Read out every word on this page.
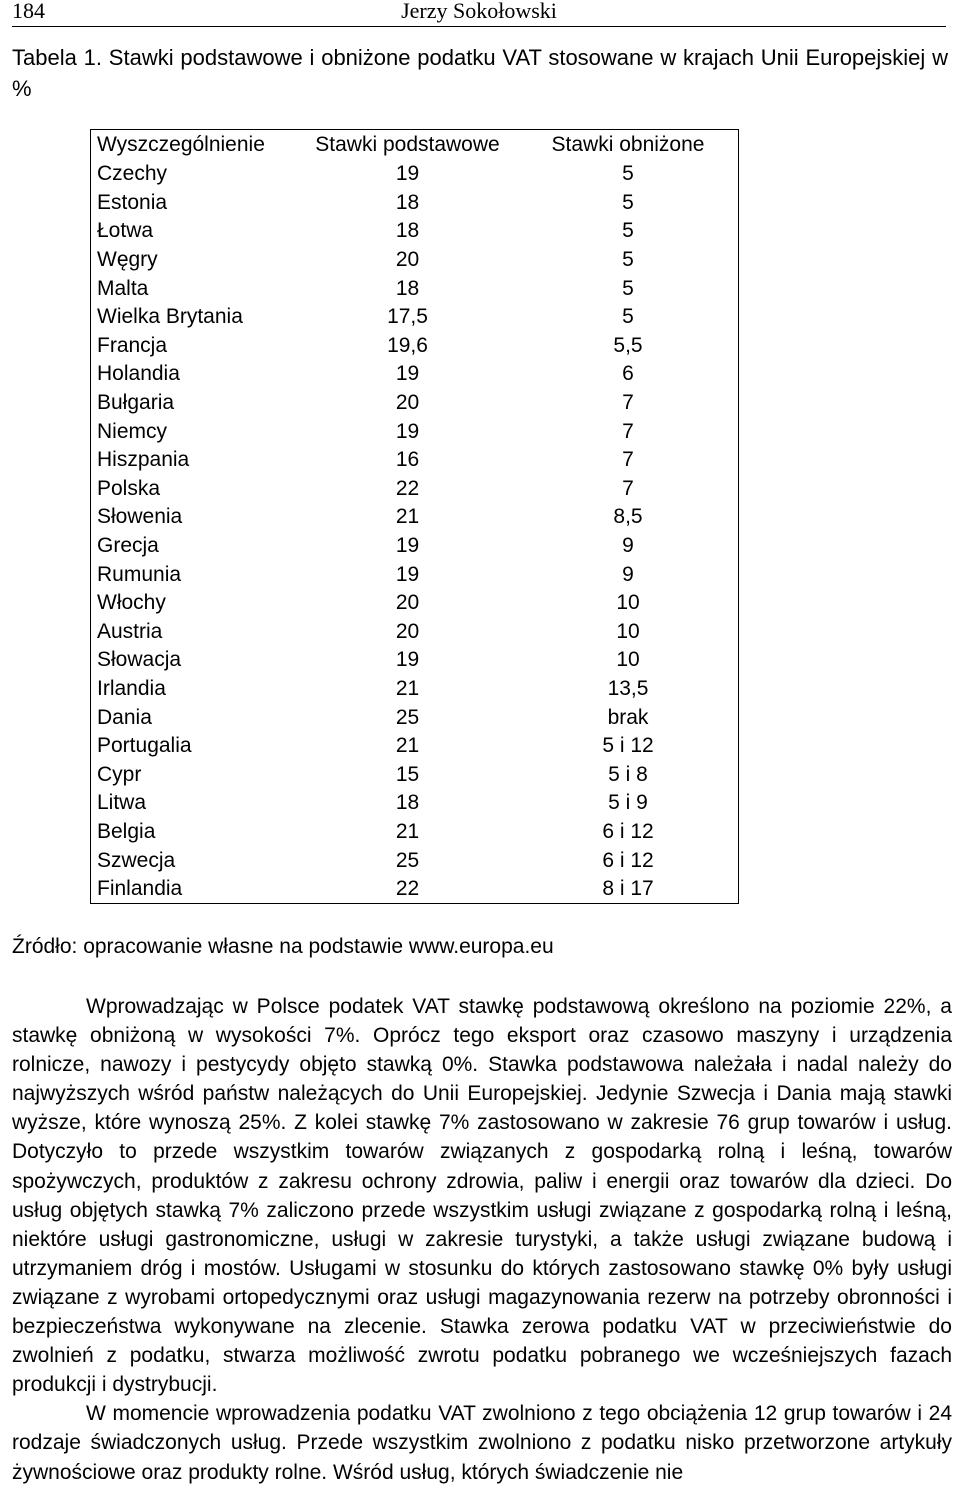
184	Jerzy Sokołowski
Tabela 1. Stawki podstawowe i obniżone podatku VAT stosowane w krajach Unii Europejskiej w %
Wyszczególnienie	Stawki podstawowe	Stawki obniżone
Czechy	19	5
Estonia	18	5
Łotwa	18	5
Węgry	20	5
Malta	18	5
Wielka Brytania	17,5	5
Francja	19,6	5,5
Holandia	19	6
Bułgaria	20	7
Niemcy	19	7
Hiszpania	16	7
Polska	22	7
Słowenia	21	8,5
Grecja	19	9
Rumunia	19	9
Włochy	20	10
Austria	20	10
Słowacja	19	10
Irlandia	21	13,5
Dania	25	brak
Portugalia	21	5 i 12
Cypr	15	5 i 8
Litwa	18	5 i 9
Belgia	21	6 i 12
Szwecja	25	6 i 12
Finlandia	22	8 i 17
Źródło: opracowanie własne na podstawie www.europa.eu

Wprowadzając w Polsce podatek VAT stawkę podstawową określono na poziomie 22%, a stawkę obniżoną w wysokości 7%. Oprócz tego eksport oraz czasowo maszyny i urządzenia rolnicze, nawozy i pestycydy objęto stawką 0%. Stawka podstawowa należała i nadal należy do najwyższych wśród państw należących do Unii Europejskiej. Jedynie Szwecja i Dania mają stawki wyższe, które wynoszą 25%. Z kolei stawkę 7% zastosowano w zakresie 76 grup towarów i usług. Dotyczyło to przede wszystkim towarów związanych z gospodarką rolną i leśną, towarów spożywczych, produktów z zakresu ochrony zdrowia, paliw i energii oraz towarów dla dzieci. Do usług objętych stawką 7% zaliczono przede wszystkim usługi związane z gospodarką rolną i leśną, niektóre usługi gastronomiczne, usługi w zakresie turystyki, a także usługi związane budową i utrzymaniem dróg i mostów. Usługami w stosunku do których zastosowano stawkę 0% były usługi związane z wyrobami ortopedycznymi oraz usługi magazynowania rezerw na potrzeby obronności i bezpieczeństwa wykonywane na zlecenie. Stawka zerowa podatku VAT w przeciwieństwie do zwolnień z podatku, stwarza możliwość zwrotu podatku pobranego we wcześniejszych fazach produkcji i dystrybucji.

W momencie wprowadzenia podatku VAT zwolniono z tego obciążenia 12 grup towarów i 24 rodzaje świadczonych usług. Przede wszystkim zwolniono z podatku nisko przetworzone artykuły żywnościowe oraz produkty rolne. Wśród usług, których świadczenie nie
